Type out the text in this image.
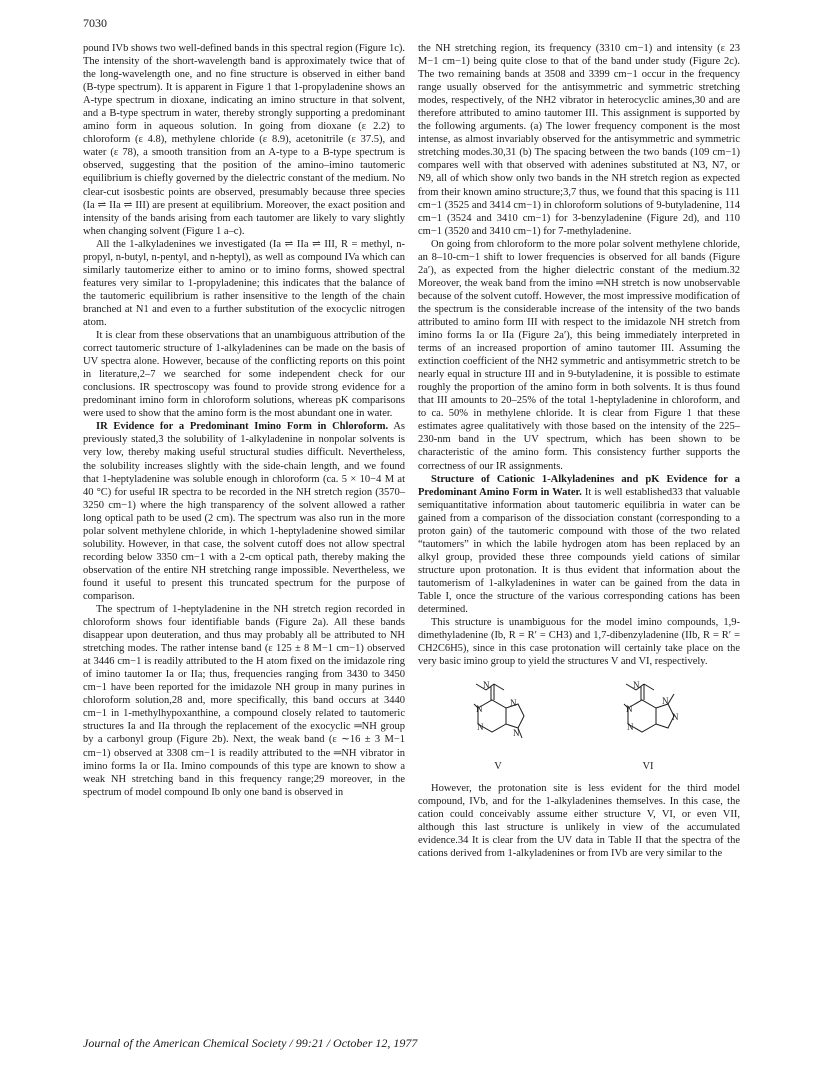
7030

pound IVb shows two well-defined bands in this spectral region (Figure 1c). The intensity of the short-wavelength band is approximately twice that of the long-wavelength one, and no fine structure is observed in either band (B-type spectrum). It is apparent in Figure 1 that 1-propyladenine shows an A-type spectrum in dioxane, indicating an imino structure in that solvent, and a B-type spectrum in water, thereby strongly supporting a predominant amino form in aqueous solution. In going from dioxane (ε 2.2) to chloroform (ε 4.8), methylene chloride (ε 8.9), acetonitrile (ε 37.5), and water (ε 78), a smooth transition from an A-type to a B-type spectrum is observed, suggesting that the position of the amino–imino tautomeric equilibrium is chiefly governed by the dielectric constant of the medium. No clear-cut isosbestic points are observed, presumably because three species (Ia ⇌ IIa ⇌ III) are present at equilibrium. Moreover, the exact position and intensity of the bands arising from each tautomer are likely to vary slightly when changing solvent (Figure 1 a–c).

All the 1-alkyladenines we investigated (Ia ⇌ IIa ⇌ III, R = methyl, n-propyl, n-butyl, n-pentyl, and n-heptyl), as well as compound IVa which can similarly tautomerize either to amino or to imino forms, showed spectral features very similar to 1-propyladenine; this indicates that the balance of the tautomeric equilibrium is rather insensitive to the length of the chain branched at N1 and even to a further substitution of the exocyclic nitrogen atom.

It is clear from these observations that an unambiguous attribution of the correct tautomeric structure of 1-alkyladenines can be made on the basis of UV spectra alone. However, because of the conflicting reports on this point in literature,2–7 we searched for some independent check for our conclusions. IR spectroscopy was found to provide strong evidence for a predominant imino form in chloroform solutions, whereas pK comparisons were used to show that the amino form is the most abundant one in water.

IR Evidence for a Predominant Imino Form in Chloroform. As previously stated,3 the solubility of 1-alkyladenine in nonpolar solvents is very low, thereby making useful structural studies difficult. Nevertheless, the solubility increases slightly with the side-chain length, and we found that 1-heptyladenine was soluble enough in chloroform (ca. 5 × 10−4 M at 40 °C) for useful IR spectra to be recorded in the NH stretch region (3570–3250 cm−1) where the high transparency of the solvent allowed a rather long optical path to be used (2 cm). The spectrum was also run in the more polar solvent methylene chloride, in which 1-heptyladenine showed similar solubility. However, in that case, the solvent cutoff does not allow spectral recording below 3350 cm−1 with a 2-cm optical path, thereby making the observation of the entire NH stretching range impossible. Nevertheless, we found it useful to present this truncated spectrum for the purpose of comparison.

The spectrum of 1-heptyladenine in the NH stretch region recorded in chloroform shows four identifiable bands (Figure 2a). All these bands disappear upon deuteration, and thus may probably all be attributed to NH stretching modes. The rather intense band (ε 125 ± 8 M−1 cm−1) observed at 3446 cm−1 is readily attributed to the H atom fixed on the imidazole ring of imino tautomer Ia or IIa; thus, frequencies ranging from 3430 to 3450 cm−1 have been reported for the imidazole NH group in many purines in chloroform solution,28 and, more specifically, this band occurs at 3440 cm−1 in 1-methylhypoxanthine, a compound closely related to tautomeric structures Ia and IIa through the replacement of the exocyclic ═NH group by a carbonyl group (Figure 2b). Next, the weak band (ε ∼16 ± 3 M−1 cm−1) observed at 3308 cm−1 is readily attributed to the ═NH vibrator in imino forms Ia or IIa. Imino compounds of this type are known to show a weak NH stretching band in this frequency range;29 moreover, in the spectrum of model compound Ib only one band is observed in

the NH stretching region, its frequency (3310 cm−1) and intensity (ε 23 M−1 cm−1) being quite close to that of the band under study (Figure 2c). The two remaining bands at 3508 and 3399 cm−1 occur in the frequency range usually observed for the antisymmetric and symmetric stretching modes, respectively, of the NH2 vibrator in heterocyclic amines,30 and are therefore attributed to amino tautomer III. This assignment is supported by the following arguments. (a) The lower frequency component is the most intense, as almost invariably observed for the antisymmetric and symmetric stretching modes.30,31 (b) The spacing between the two bands (109 cm−1) compares well with that observed with adenines substituted at N3, N7, or N9, all of which show only two bands in the NH stretch region as expected from their known amino structure;3,7 thus, we found that this spacing is 111 cm−1 (3525 and 3414 cm−1) in chloroform solutions of 9-butyladenine, 114 cm−1 (3524 and 3410 cm−1) for 3-benzyladenine (Figure 2d), and 110 cm−1 (3520 and 3410 cm−1) for 7-methyladenine.

On going from chloroform to the more polar solvent methylene chloride, an 8–10-cm−1 shift to lower frequencies is observed for all bands (Figure 2a′), as expected from the higher dielectric constant of the medium.32 Moreover, the weak band from the imino ═NH stretch is now unobservable because of the solvent cutoff. However, the most impressive modification of the spectrum is the considerable increase of the intensity of the two bands attributed to amino form III with respect to the imidazole NH stretch from imino forms Ia or IIa (Figure 2a′), this being immediately interpreted in terms of an increased proportion of amino tautomer III. Assuming the extinction coefficient of the NH2 symmetric and antisymmetric stretch to be nearly equal in structure III and in 9-butyladenine, it is possible to estimate roughly the proportion of the amino form in both solvents. It is thus found that III amounts to 20–25% of the total 1-heptyladenine in chloroform, and to ca. 50% in methylene chloride. It is clear from Figure 1 that these estimates agree qualitatively with those based on the intensity of the 225–230-nm band in the UV spectrum, which has been shown to be characteristic of the amino form. This consistency further supports the correctness of our IR assignments.

Structure of Cationic 1-Alkyladenines and pK Evidence for a Predominant Amino Form in Water. It is well established33 that valuable semiquantitative information about tautomeric equilibria in water can be gained from a comparison of the dissociation constant (corresponding to a proton gain) of the tautomeric compound with those of the two related “tautomers” in which the labile hydrogen atom has been replaced by an alkyl group, provided these three compounds yield cations of similar structure upon protonation. It is thus evident that information about the tautomerism of 1-alkyladenines in water can be gained from the data in Table I, once the structure of the various corresponding cations has been determined.

This structure is unambiguous for the model imino compounds, 1,9-dimethyladenine (Ib, R = R′ = CH3) and 1,7-dibenzyladenine (IIb, R = R′ = CH2C6H5), since in this case protonation will certainly take place on the very basic imino group to yield the structures V and VI, respectively.

N
N
N
N
N
V
N
N
N
N
N
VI

However, the protonation site is less evident for the third model compound, IVb, and for the 1-alkyladenines themselves. In this case, the cation could conceivably assume either structure V, VI, or even VII, although this last structure is unlikely in view of the accumulated evidence.34 It is clear from the UV data in Table II that the spectra of the cations derived from 1-alkyladenines or from IVb are very similar to the

Journal of the American Chemical Society / 99:21 / October 12, 1977
